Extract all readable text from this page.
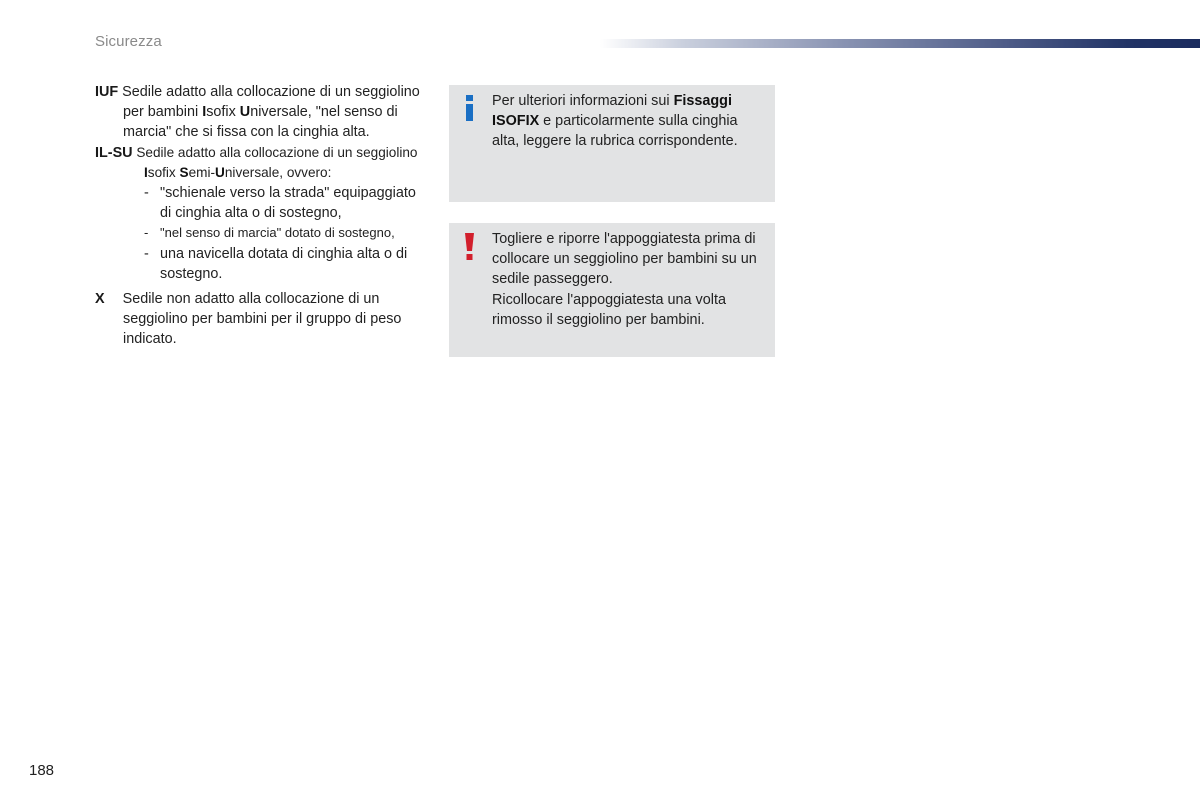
Sicurezza

IUF Sedile adatto alla collocazione di un seggiolino per bambini Isofix Universale, "nel senso di marcia" che si fissa con la cinghia alta.

IL-SU Sedile adatto alla collocazione di un seggiolino Isofix Semi-Universale, ovvero:

- "schienale verso la strada" equipaggiato di cinghia alta o di sostegno,
- "nel senso di marcia" dotato di sostegno,
- una navicella dotata di cinghia alta o di sostegno.

X Sedile non adatto alla collocazione di un seggiolino per bambini per il gruppo di peso indicato.

Per ulteriori informazioni sui Fissaggi ISOFIX e particolarmente sulla cinghia alta, leggere la rubrica corrispondente.
Togliere e riporre l'appoggiatesta prima di collocare un seggiolino per bambini su un sedile passeggero.
Ricollocare l'appoggiatesta una volta rimosso il seggiolino per bambini.
188
